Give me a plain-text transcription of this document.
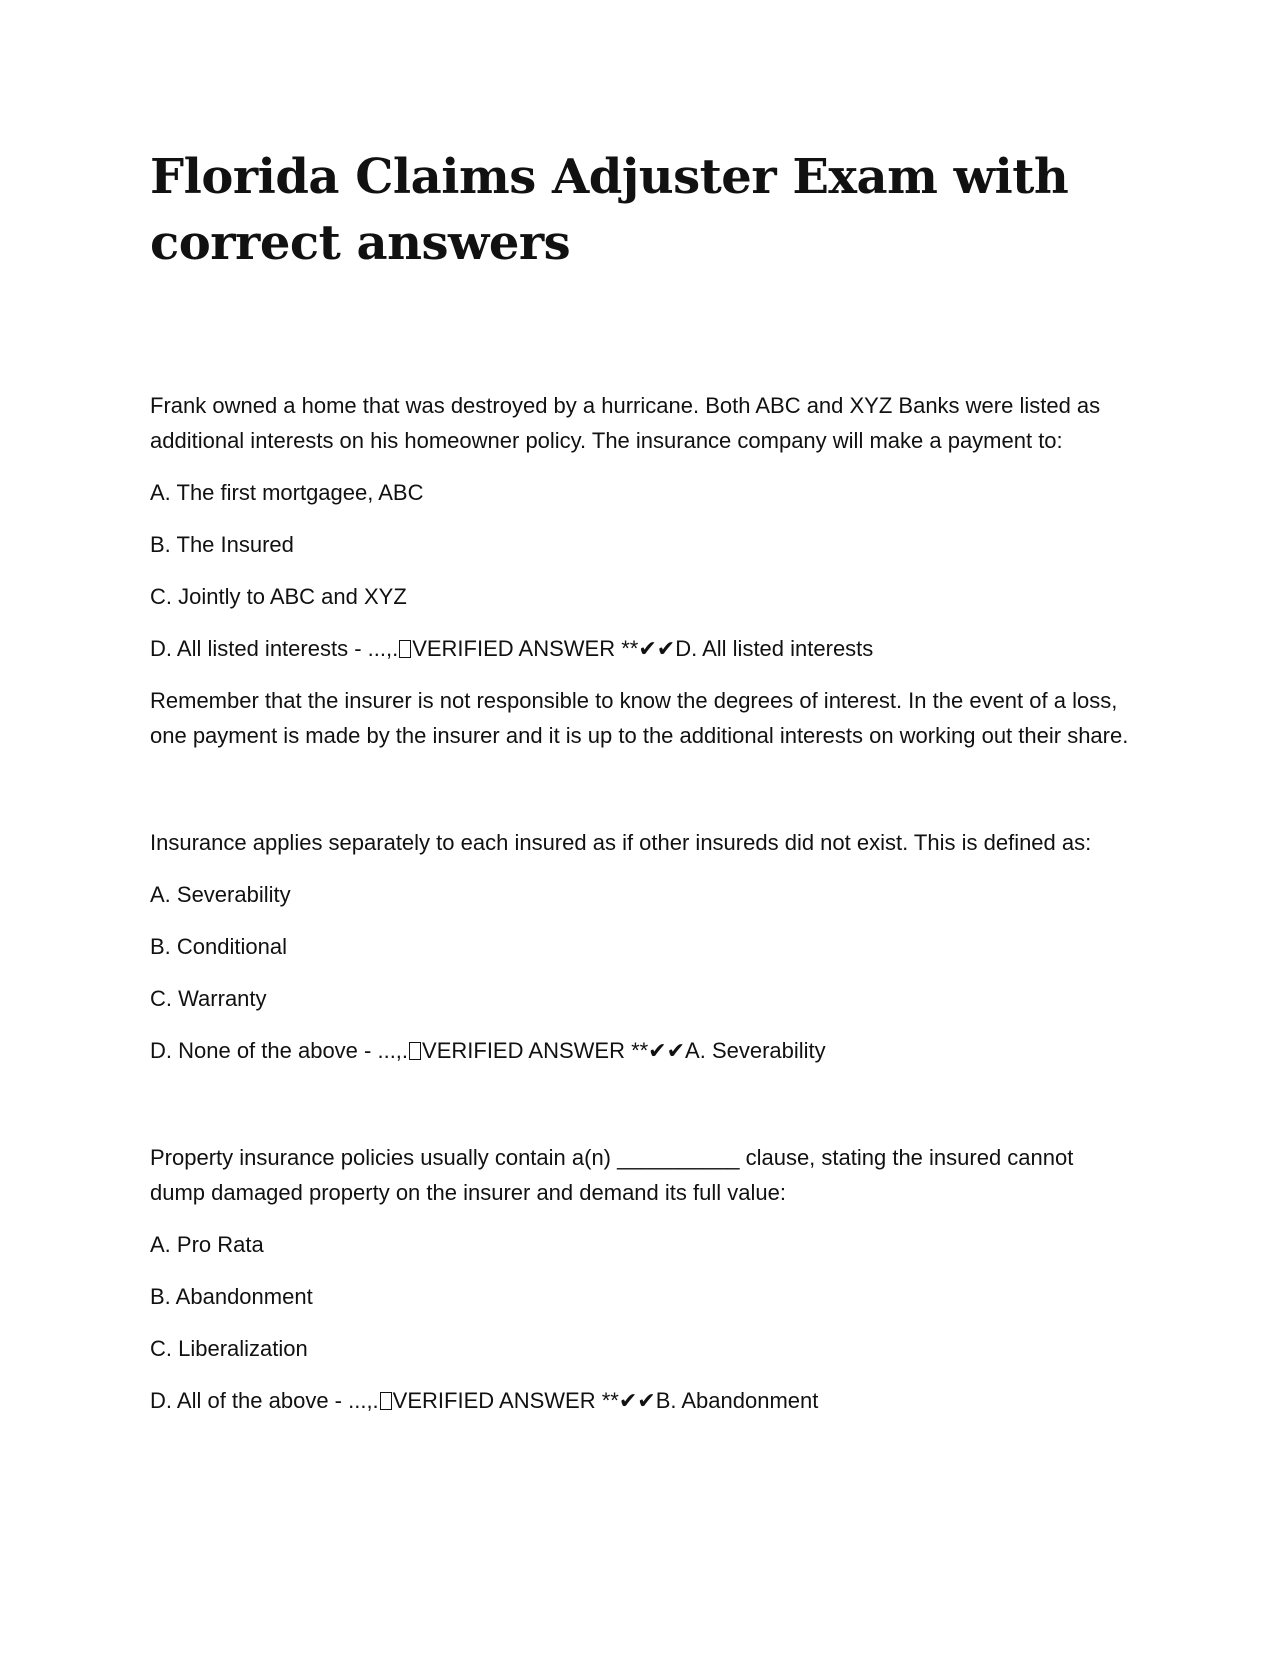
Florida Claims Adjuster Exam with correct answers

Frank owned a home that was destroyed by a hurricane. Both ABC and XYZ Banks were listed as additional interests on his homeowner policy. The insurance company will make a payment to:

A. The first mortgagee, ABC

B. The Insured

C. Jointly to ABC and XYZ

D. All listed interests - ...,. VERIFIED ANSWER **✔✔D. All listed interests

Remember that the insurer is not responsible to know the degrees of interest. In the event of a loss, one payment is made by the insurer and it is up to the additional interests on working out their share.

Insurance applies separately to each insured as if other insureds did not exist. This is defined as:

A. Severability

B. Conditional

C. Warranty

D. None of the above - ...,. VERIFIED ANSWER **✔✔A. Severability

Property insurance policies usually contain a(n) __________ clause, stating the insured cannot dump damaged property on the insurer and demand its full value:

A. Pro Rata

B. Abandonment

C. Liberalization

D. All of the above - ...,. VERIFIED ANSWER **✔✔B. Abandonment
